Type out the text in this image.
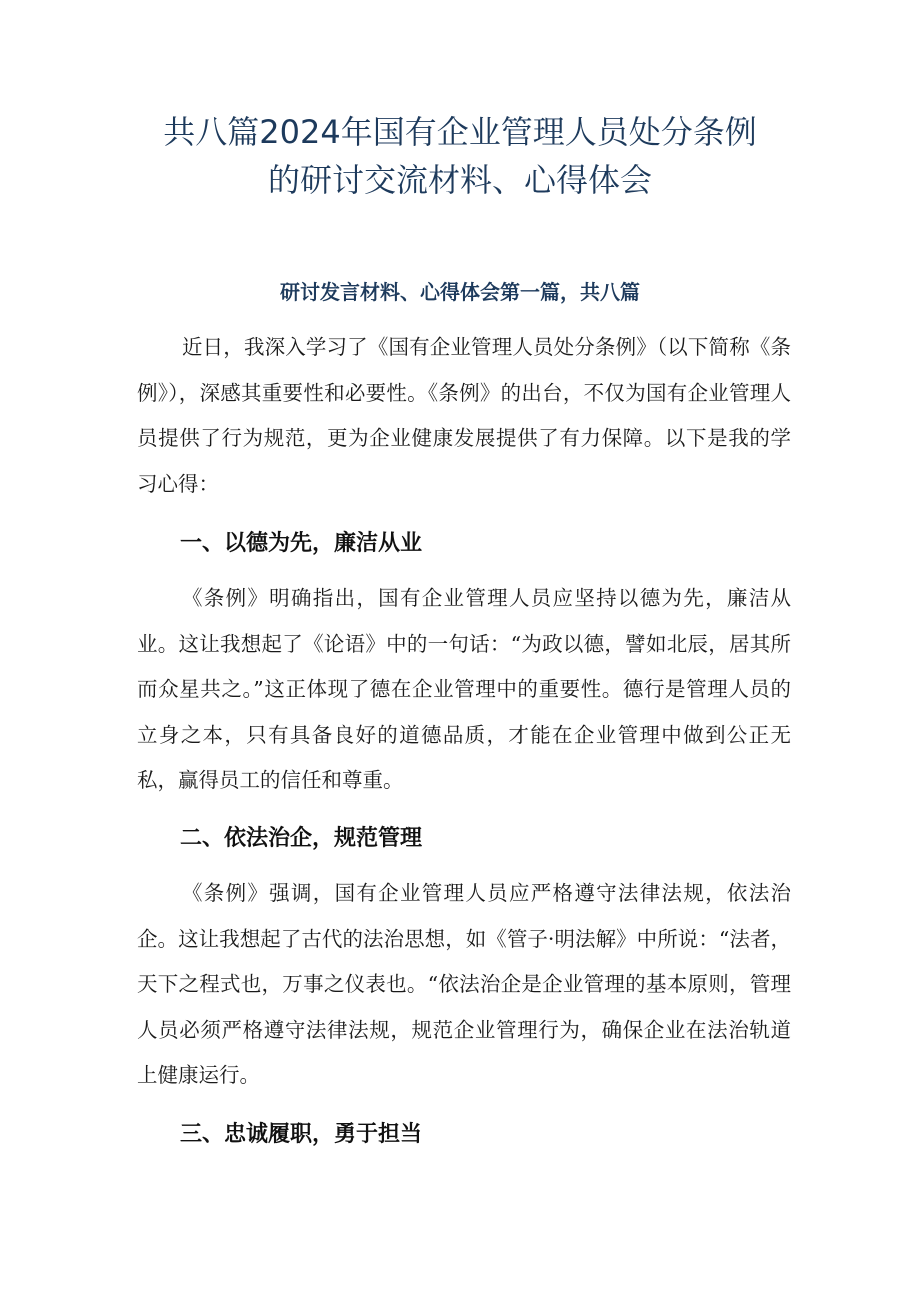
共八篇2024年国有企业管理人员处分条例
的研讨交流材料、心得体会
研讨发言材料、心得体会第一篇，共八篇

近日，我深入学习了《国有企业管理人员处分条例》（以下简称《条例》），深感其重要性和必要性。《条例》的出台，不仅为国有企业管理人员提供了行为规范，更为企业健康发展提供了有力保障。以下是我的学习心得：

一、以德为先，廉洁从业

《条例》明确指出，国有企业管理人员应坚持以德为先，廉洁从业。这让我想起了《论语》中的一句话：“为政以德，譬如北辰，居其所而众星共之。”这正体现了德在企业管理中的重要性。德行是管理人员的立身之本，只有具备良好的道德品质，才能在企业管理中做到公正无私，赢得员工的信任和尊重。

二、依法治企，规范管理

《条例》强调，国有企业管理人员应严格遵守法律法规，依法治企。这让我想起了古代的法治思想，如《管子·明法解》中所说：“法者，天下之程式也，万事之仪表也。“依法治企是企业管理的基本原则，管理人员必须严格遵守法律法规，规范企业管理行为，确保企业在法治轨道上健康运行。

三、忠诚履职，勇于担当
